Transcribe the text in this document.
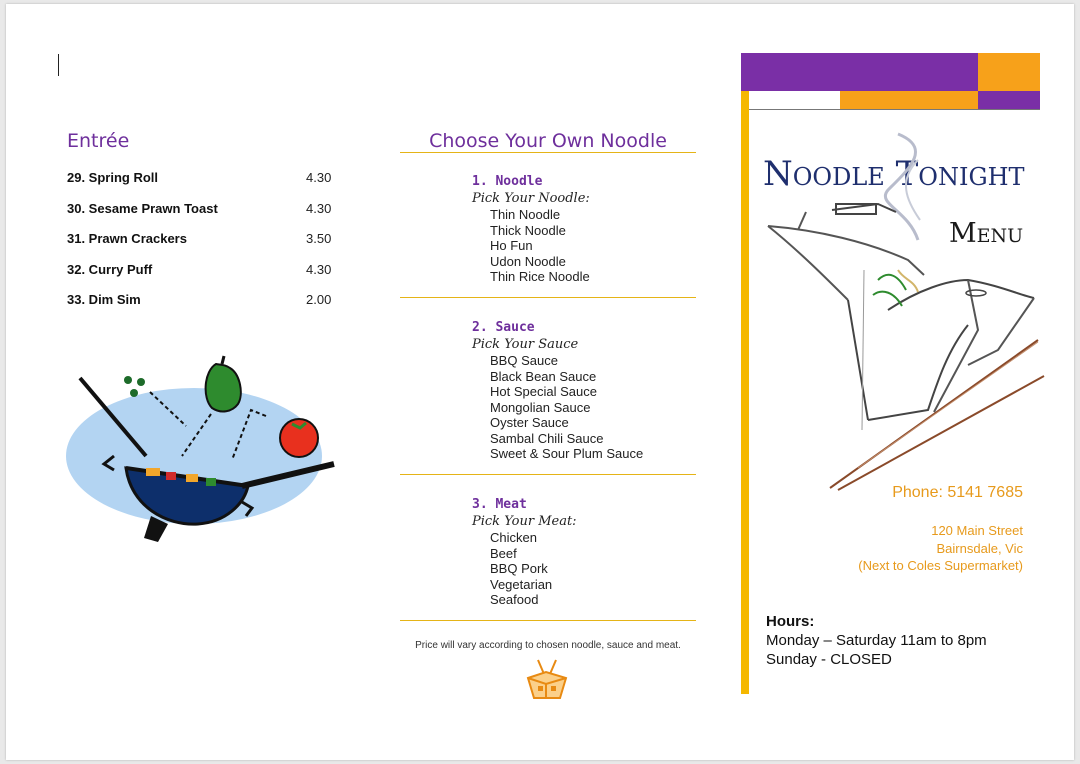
Entrée
29. Spring Roll	4.30
30. Sesame Prawn Toast	4.30
31. Prawn Crackers	3.50
32. Curry Puff	4.30
33. Dim Sim	2.00
Choose Your Own Noodle
1. Noodle
Pick Your Noodle:
Thin Noodle
Thick Noodle
Ho Fun
Udon Noodle
Thin Rice Noodle
2. Sauce
Pick Your Sauce
BBQ Sauce
Black Bean Sauce
Hot Special Sauce
Mongolian Sauce
Oyster Sauce
Sambal Chili Sauce
Sweet & Sour Plum Sauce
3. Meat
Pick Your Meat:
Chicken
Beef
BBQ Pork
Vegetarian
Seafood
Price will vary according to chosen noodle, sauce and meat.
Noodle Tonight
Menu
Phone: 5141 7685
120 Main Street
Bairnsdale, Vic
(Next to Coles Supermarket)
Hours:
Monday – Saturday 11am to 8pm
Sunday - CLOSED
